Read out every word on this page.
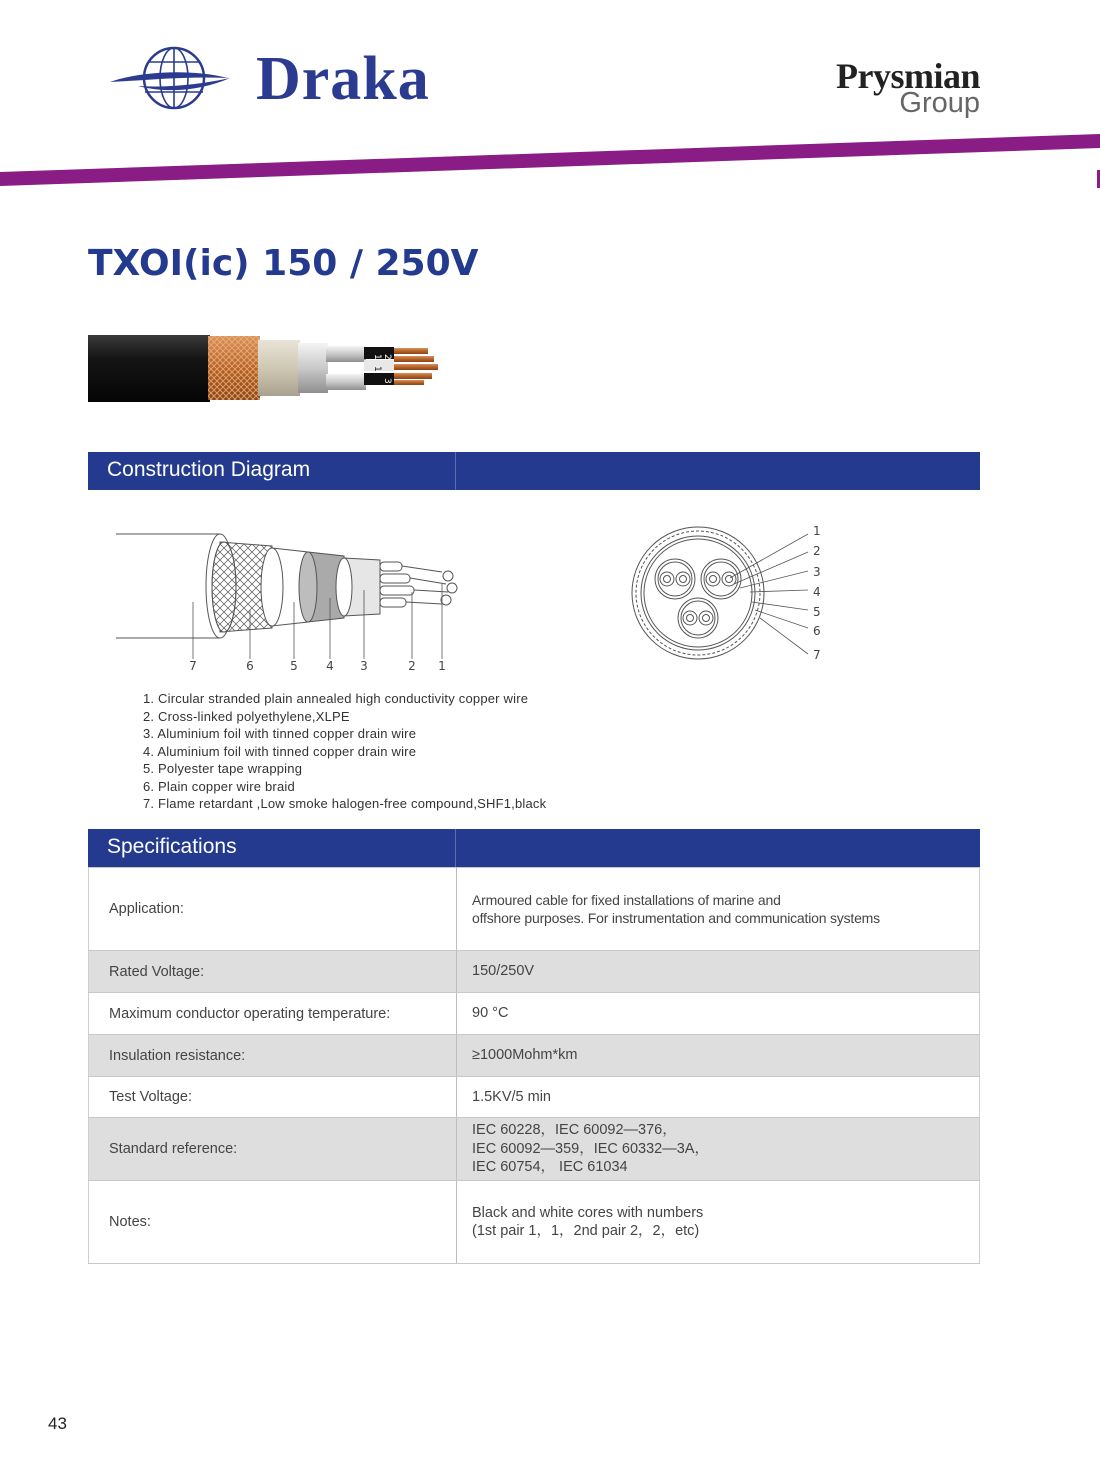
Draka	Prysmian
Group
TXOI(ic) 150 / 250V
2
1
1
3
Construction Diagram
7	6	5 4 3	2 1
1
2
3
4
5
6
7
1. Circular stranded plain annealed high conductivity copper wire
2. Cross-linked polyethylene,XLPE
3. Aluminium foil with tinned copper drain wire
4. Aluminium foil with tinned copper drain wire
5. Polyester tape wrapping
6. Plain copper wire braid
7. Flame retardant ,Low smoke halogen-free compound,SHF1,black
Specifications
Application:	Armoured cable for fixed installations of marine and
offshore purposes. For instrumentation and communication systems

Rated Voltage:	150/250V

Maximum conductor operating temperature:	90 °C

Insulation resistance:	≥1000Mohm*km

Test Voltage:	1.5KV/5 min

Standard reference:	IEC 60228，IEC 60092—376，
IEC 60092—359，IEC 60332—3A，
IEC 60754， IEC 61034

Notes:	Black and white cores with numbers
(1st pair 1，1，2nd pair 2，2，etc)
43
